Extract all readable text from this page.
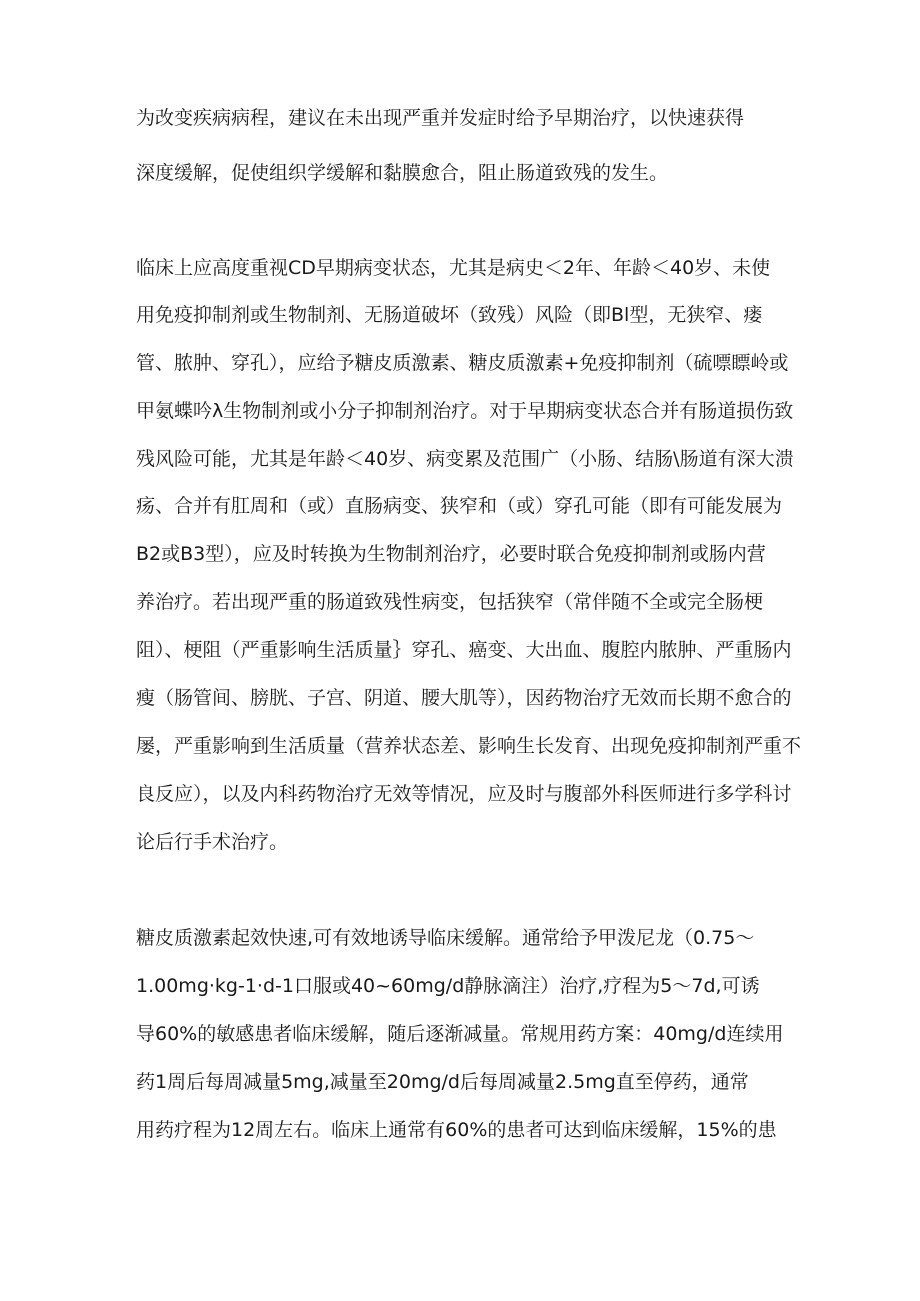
为改变疾病病程，建议在未出现严重并发症时给予早期治疗，以快速获得
深度缓解，促使组织学缓解和黏膜愈合，阻止肠道致残的发生。
临床上应高度重视CD早期病变状态，尤其是病史＜2年、年龄＜40岁、未使
用免疫抑制剂或生物制剂、无肠道破坏（致残）风险（即Bl型，无狭窄、瘘
管、脓肿、穿孔），应给予糖皮质激素、糖皮质激素+免疫抑制剂（硫嘌瞟岭或
甲氨蝶吟λ生物制剂或小分子抑制剂治疗。对于早期病变状态合并有肠道损伤致
残风险可能，尤其是年龄＜40岁、病变累及范围广（小肠、结肠\肠道有深大溃
疡、合并有肛周和（或）直肠病变、狭窄和（或）穿孔可能（即有可能发展为
B2或B3型），应及时转换为生物制剂治疗，必要时联合免疫抑制剂或肠内营
养治疗。若出现严重的肠道致残性病变，包括狭窄（常伴随不全或完全肠梗
阻）、梗阻（严重影响生活质量｝穿孔、癌变、大出血、腹腔内脓肿、严重肠内
瘦（肠管间、膀胱、子宫、阴道、腰大肌等），因药物治疗无效而长期不愈合的
屡，严重影响到生活质量（营养状态差、影响生长发育、出现免疫抑制剂严重不
良反应），以及内科药物治疗无效等情况，应及时与腹部外科医师进行多学科讨
论后行手术治疗。
糖皮质激素起效快速,可有效地诱导临床缓解。通常给予甲泼尼龙（0.75〜
1.00mg·kg-1·d-1口服或40~60mg/d静脉滴注）治疗,疗程为5〜7d,可诱
导60%的敏感患者临床缓解，随后逐渐减量。常规用药方案：40mg/d连续用
药1周后每周减量5mg,减量至20mg/d后每周减量2.5mg直至停药，通常
用药疗程为12周左右。临床上通常有60%的患者可达到临床缓解，15%的患
